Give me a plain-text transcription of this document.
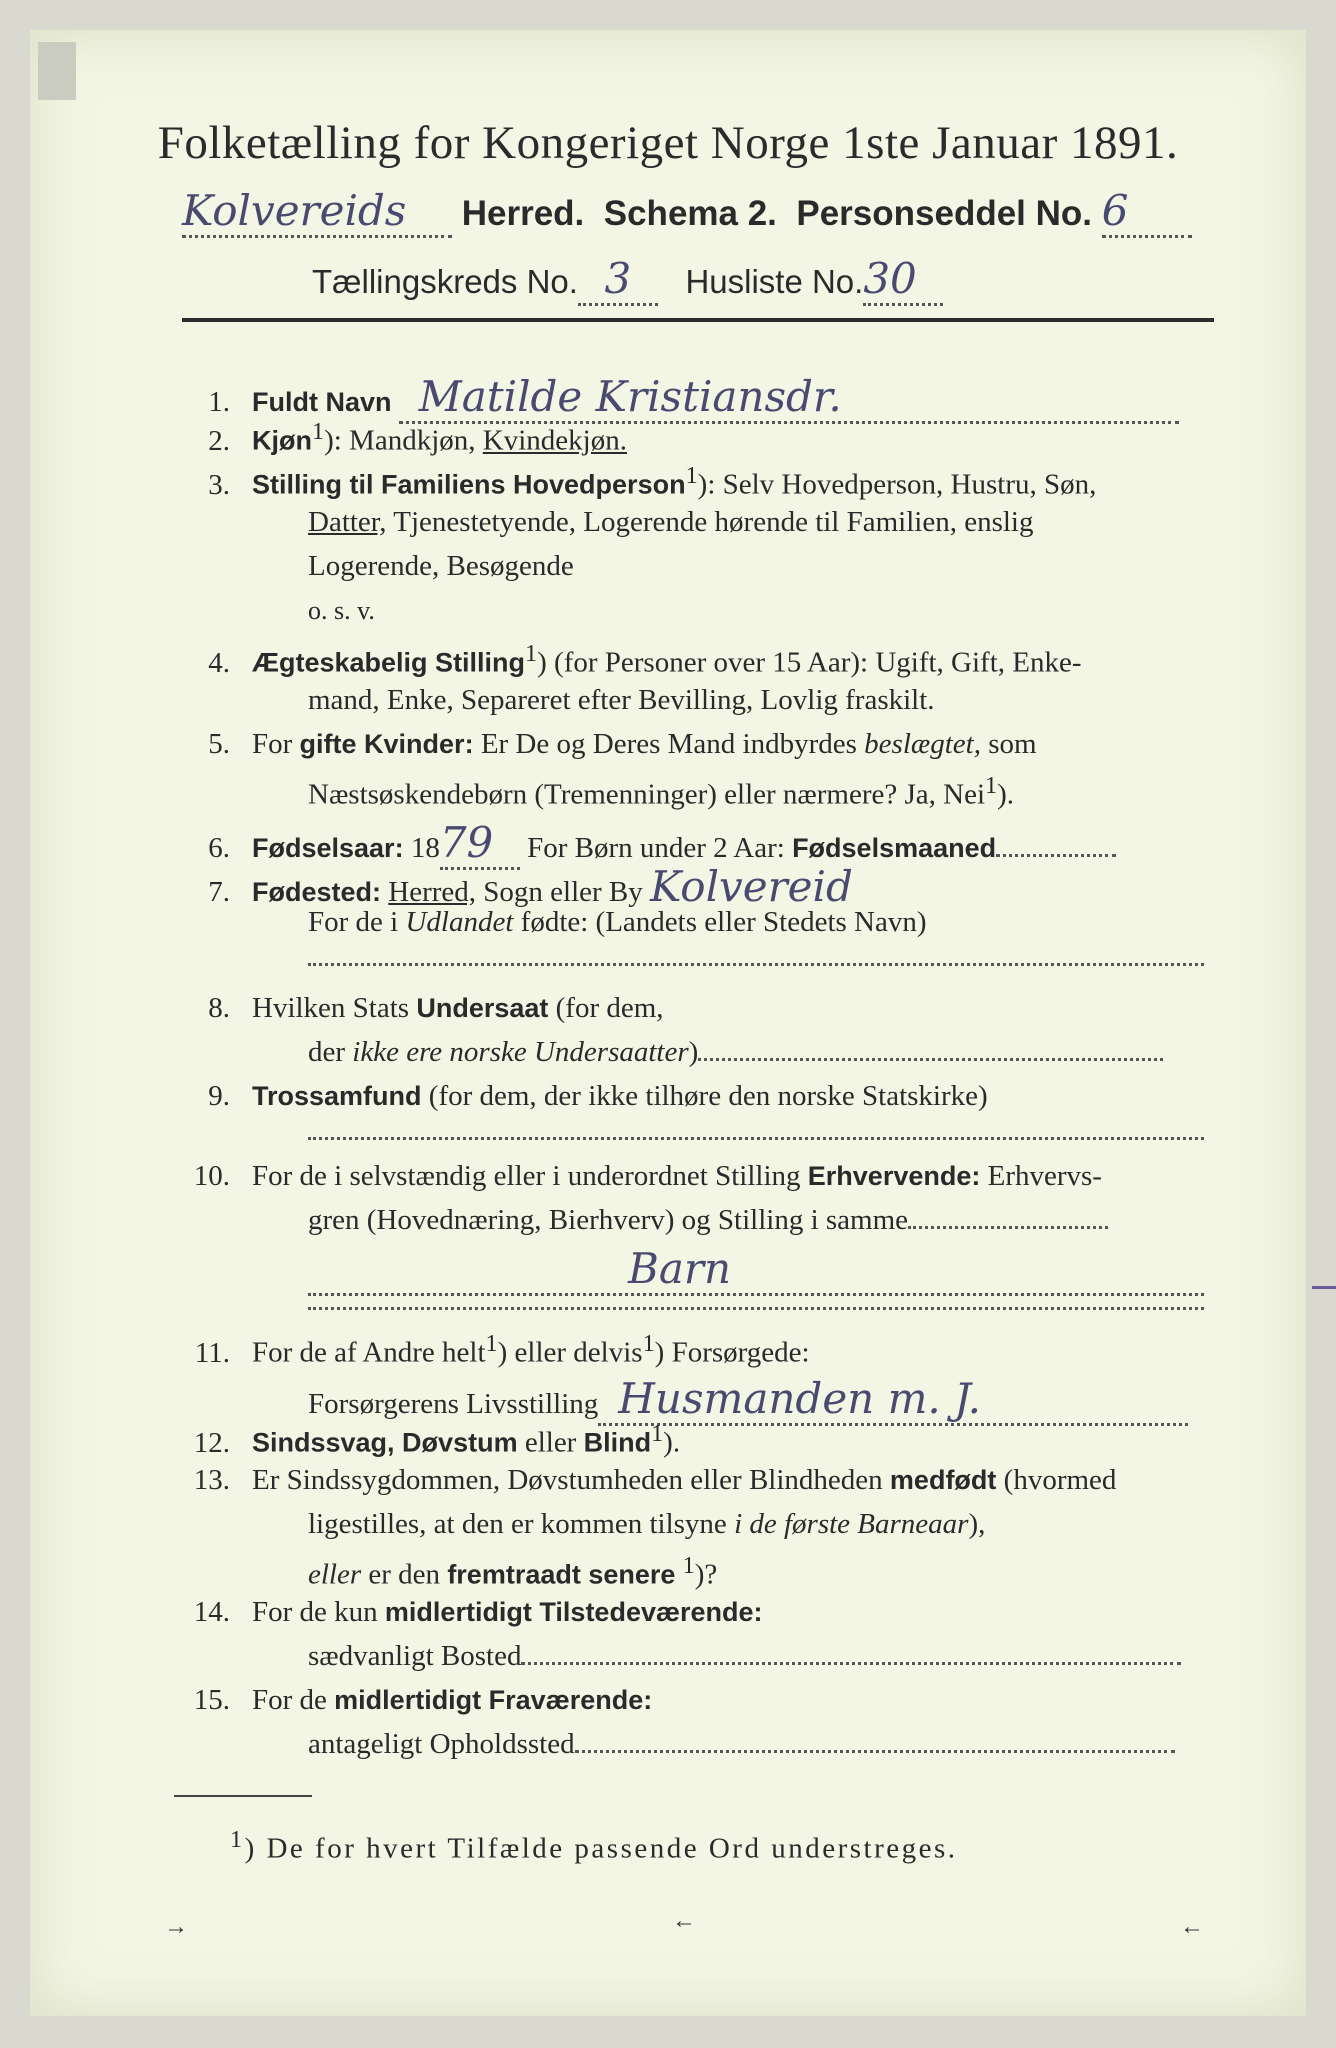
Folketælling for Kongeriget Norge 1ste Januar 1891.
Kolvereids Herred. Schema 2. Personseddel No. 6
Tællingskreds No. 3 Husliste No.30
1. Fuldt Navn Matilde Kristiansdr.
2. Kjøn$^1$): Mandkjøn, Kvindekjøn.
3. Stilling til Familiens Hovedperson$^1$): Selv Hovedperson, Hustru, Søn,
Datter, Tjenestetyende, Logerende hørende til Familien, enslig
Logerende, Besøgende
o. s. v.
4. Ægteskabelig Stilling$^1$) (for Personer over 15 Aar): Ugift, Gift, Enke-
mand, Enke, Separeret efter Bevilling, Lovlig fraskilt.
5. For gifte Kvinder: Er De og Deres Mand indbyrdes beslægtet, som
Næstsøskendebørn (Tremenninger) eller nærmere? Ja, Nei$^1$).
6. Fødselsaar: 1879 For Børn under 2 Aar: Fødselsmaaned
7. Fødested: Herred, Sogn eller By Kolvereid
For de i Udlandet fødte: (Landets eller Stedets Navn)
8. Hvilken Stats Undersaat (for dem,
der ikke ere norske Undersaatter)
9. Trossamfund (for dem, der ikke tilhøre den norske Statskirke)
10. For de i selvstændig eller i underordnet Stilling Erhvervende: Erhvervs-
gren (Hovednæring, Bierhverv) og Stilling i samme
Barn
11. For de af Andre helt$^1$) eller delvis$^1$) Forsørgede:
Forsørgerens Livsstilling Husmanden m. J.
12. Sindssvag, Døvstum eller Blind$^1$).
13. Er Sindssygdommen, Døvstumheden eller Blindheden medfødt (hvormed
ligestilles, at den er kommen tilsyne i de første Barneaar),
eller er den fremtraadt senere $^1$)?
14. For de kun midlertidigt Tilstedeværende:
sædvanligt Bosted
15. For de midlertidigt Fraværende:
antageligt Opholdssted
$^1$) De for hvert Tilfælde passende Ord understreges.
→	←	←
